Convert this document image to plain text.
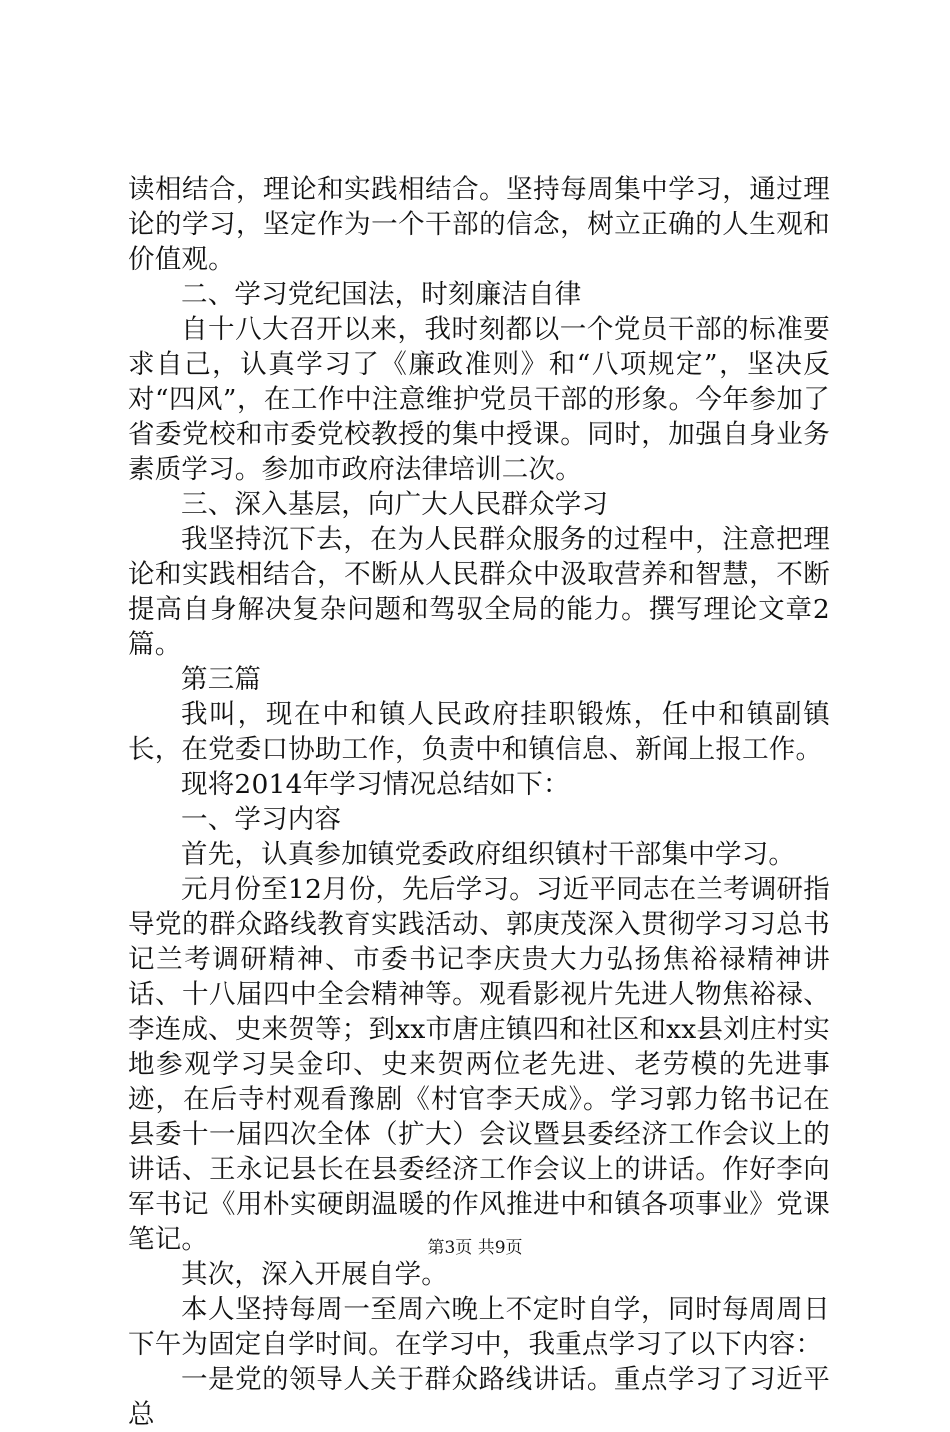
读相结合，理论和实践相结合。坚持每周集中学习，通过理论的学习，坚定作为一个干部的信念，树立正确的人生观和价值观。

二、学习党纪国法，时刻廉洁自律

自十八大召开以来，我时刻都以一个党员干部的标准要求自己，认真学习了《廉政准则》和“八项规定”，坚决反对“四风”，在工作中注意维护党员干部的形象。今年参加了省委党校和市委党校教授的集中授课。同时，加强自身业务素质学习。参加市政府法律培训二次。

三、深入基层，向广大人民群众学习

我坚持沉下去，在为人民群众服务的过程中，注意把理论和实践相结合，不断从人民群众中汲取营养和智慧，不断提高自身解决复杂问题和驾驭全局的能力。撰写理论文章2篇。

第三篇

我叫，现在中和镇人民政府挂职锻炼，任中和镇副镇长，在党委口协助工作，负责中和镇信息、新闻上报工作。

现将2014年学习情况总结如下：

一、学习内容

首先，认真参加镇党委政府组织镇村干部集中学习。

元月份至12月份，先后学习。习近平同志在兰考调研指导党的群众路线教育实践活动、郭庚茂深入贯彻学习习总书记兰考调研精神、市委书记李庆贵大力弘扬焦裕禄精神讲话、十八届四中全会精神等。观看影视片先进人物焦裕禄、李连成、史来贺等；到xx市唐庄镇四和社区和xx县刘庄村实地参观学习吴金印、史来贺两位老先进、老劳模的先进事迹，在后寺村观看豫剧《村官李天成》。学习郭力铭书记在县委十一届四次全体（扩大）会议暨县委经济工作会议上的讲话、王永记县长在县委经济工作会议上的讲话。作好李向军书记《用朴实硬朗温暖的作风推进中和镇各项事业》党课笔记。

其次，深入开展自学。

本人坚持每周一至周六晚上不定时自学，同时每周周日下午为固定自学时间。在学习中，我重点学习了以下内容：

一是党的领导人关于群众路线讲话。重点学习了习近平总

第3页 共9页
